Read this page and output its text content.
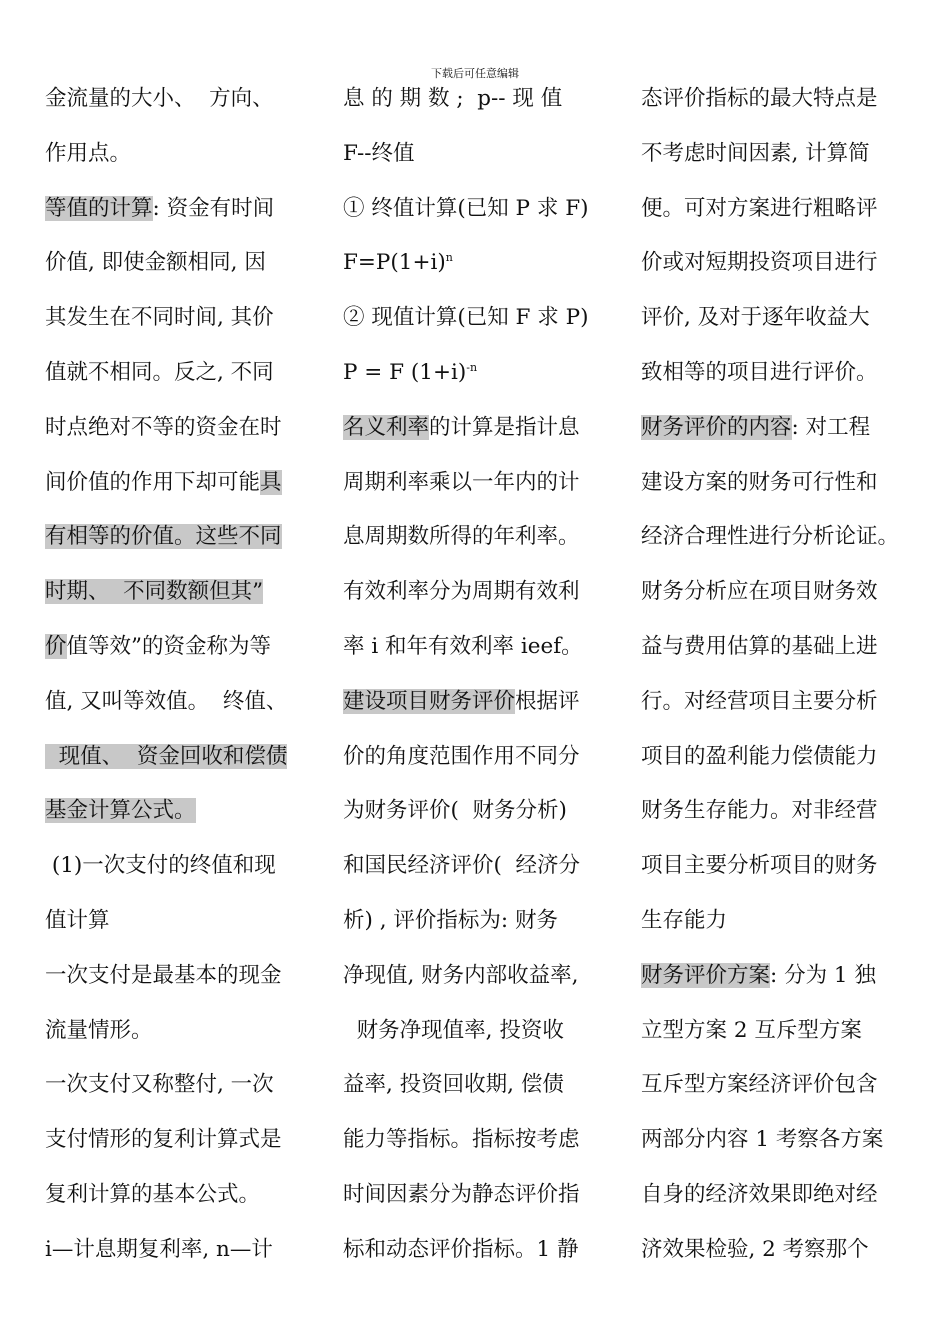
下载后可任意编辑
金流量的大小、  方向、
作用点。
等值的计算: 资金有时间
价值, 即使金额相同, 因
其发生在不同时间, 其价
值就不相同。反之, 不同
时点绝对不等的资金在时
间价值的作用下却可能具
有相等的价值。这些不同
时期、  不同数额但其”
价值等效”的资金称为等
值, 又叫等效值。  终值、
现值、  资金回收和偿债
基金计算公式。
(1)一次支付的终值和现
值计算
一次支付是最基本的现金
流量情形。
一次支付又称整付, 一次
支付情形的复利计算式是
复利计算的基本公式。
i—计息期复利率, n—计
息 的 期 数 ;  p-- 现 值
F--终值
① 终值计算(已知 P 求 F)
$F=P(1+i)^n$
② 现值计算(已知 F 求 P)
P = F $(1+i)^{-n}$
名义利率的计算是指计息
周期利率乘以一年内的计
息周期数所得的年利率。
有效利率分为周期有效利
率 i 和年有效利率 ieef。
建设项目财务评价根据评
价的角度范围作用不同分
为财务评价(  财务分析)
和国民经济评价(  经济分
析) , 评价指标为: 财务
净现值, 财务内部收益率,
财务净现值率, 投资收
益率, 投资回收期, 偿债
能力等指标。指标按考虑
时间因素分为静态评价指
标和动态评价指标。1 静
态评价指标的最大特点是
不考虑时间因素, 计算简
便。可对方案进行粗略评
价或对短期投资项目进行
评价, 及对于逐年收益大
致相等的项目进行评价。
财务评价的内容: 对工程
建设方案的财务可行性和
经济合理性进行分析论证。
财务分析应在项目财务效
益与费用估算的基础上进
行。对经营项目主要分析
项目的盈利能力偿债能力
财务生存能力。对非经营
项目主要分析项目的财务
生存能力
财务评价方案: 分为 1 独
立型方案 2 互斥型方案
互斥型方案经济评价包含
两部分内容 1 考察各方案
自身的经济效果即绝对经
济效果检验, 2 考察那个
